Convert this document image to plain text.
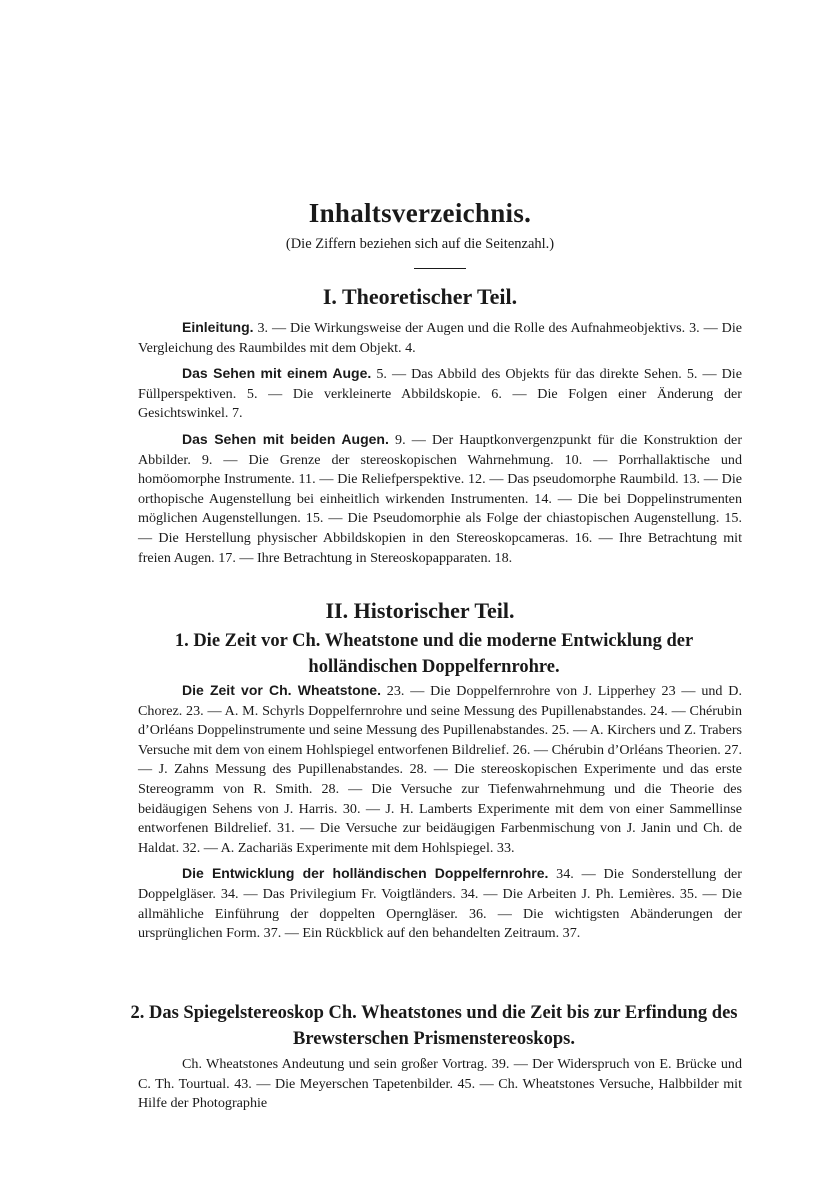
Inhaltsverzeichnis.
(Die Ziffern beziehen sich auf die Seitenzahl.)
I. Theoretischer Teil.

Einleitung. 3. — Die Wirkungsweise der Augen und die Rolle des Aufnahmeobjektivs. 3. — Die Vergleichung des Raumbildes mit dem Objekt. 4.

Das Sehen mit einem Auge. 5. — Das Abbild des Objekts für das direkte Sehen. 5. — Die Füllperspektiven. 5. — Die verkleinerte Abbildskopie. 6. — Die Folgen einer Änderung der Gesichtswinkel. 7.

Das Sehen mit beiden Augen. 9. — Der Hauptkonvergenzpunkt für die Konstruktion der Abbilder. 9. — Die Grenze der stereoskopischen Wahrnehmung. 10. — Porrhallaktische und homöomorphe Instrumente. 11. — Die Reliefperspektive. 12. — Das pseudomorphe Raumbild. 13. — Die orthopische Augenstellung bei einheitlich wirkenden Instrumenten. 14. — Die bei Doppelinstrumenten möglichen Augenstellungen. 15. — Die Pseudomorphie als Folge der chiastopischen Augenstellung. 15. — Die Herstellung physischer Abbildskopien in den Stereoskopcameras. 16. — Ihre Betrachtung mit freien Augen. 17. — Ihre Betrachtung in Stereoskopapparaten. 18.

II. Historischer Teil.
1. Die Zeit vor Ch. Wheatstone und die moderne Entwicklung der holländischen Doppelfernrohre.

Die Zeit vor Ch. Wheatstone. 23. — Die Doppelfernrohre von J. Lipperhey 23 — und D. Chorez. 23. — A. M. Schyrls Doppelfernrohre und seine Messung des Pupillenabstandes. 24. — Chérubin d’Orléans Doppelinstrumente und seine Messung des Pupillenabstandes. 25. — A. Kirchers und Z. Trabers Versuche mit dem von einem Hohlspiegel entworfenen Bildrelief. 26. — Chérubin d’Orléans Theorien. 27. — J. Zahns Messung des Pupillenabstandes. 28. — Die stereoskopischen Experimente und das erste Stereogramm von R. Smith. 28. — Die Versuche zur Tiefenwahrnehmung und die Theorie des beidäugigen Sehens von J. Harris. 30. — J. H. Lamberts Experimente mit dem von einer Sammellinse entworfenen Bildrelief. 31. — Die Versuche zur beidäugigen Farbenmischung von J. Janin und Ch. de Haldat. 32. — A. Zachariäs Experimente mit dem Hohlspiegel. 33.

Die Entwicklung der holländischen Doppelfernrohre. 34. — Die Sonderstellung der Doppelgläser. 34. — Das Privilegium Fr. Voigtländers. 34. — Die Arbeiten J. Ph. Lemières. 35. — Die allmähliche Einführung der doppelten Operngläser. 36. — Die wichtigsten Abänderungen der ursprünglichen Form. 37. — Ein Rückblick auf den behandelten Zeitraum. 37.

2. Das Spiegelstereoskop Ch. Wheatstones und die Zeit bis zur Erfindung des Brewsterschen Prismenstereoskops.

Ch. Wheatstones Andeutung und sein großer Vortrag. 39. — Der Widerspruch von E. Brücke und C. Th. Tourtual. 43. — Die Meyerschen Tapetenbilder. 45. — Ch. Wheatstones Versuche, Halbbilder mit Hilfe der Photographie
